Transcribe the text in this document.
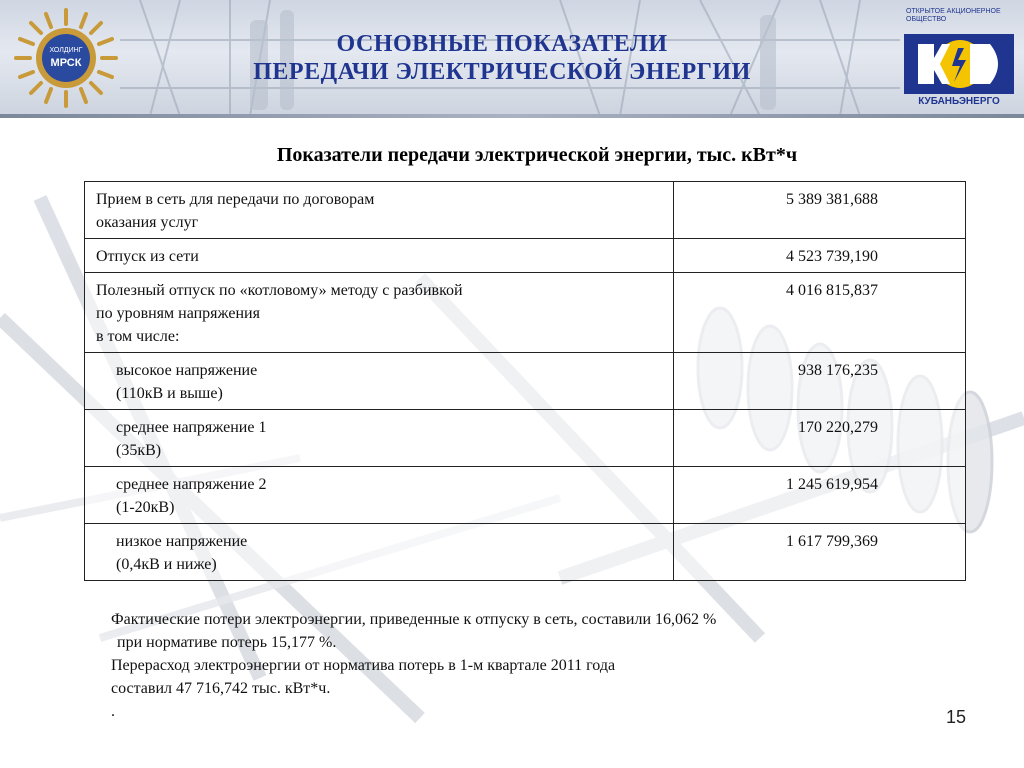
ХОЛДИНГ
МРСК
ОСНОВНЫЕ ПОКАЗАТЕЛИ
ПЕРЕДАЧИ ЭЛЕКТРИЧЕСКОЙ ЭНЕРГИИ
ОТКРЫТОЕ АКЦИОНЕРНОЕ ОБЩЕСТВО
КУБАНЬЭНЕРГО
Показатели передачи электрической энергии, тыс. кВт*ч
Прием в сеть для передачи по договорам
оказания услуг	5 389 381,688

Отпуск из сети	4 523 739,190

Полезный отпуск по «котловому» методу с разбивкой
по уровням напряжения
в том числе:	4 016 815,837

высокое напряжение
(110кВ и выше)	938 176,235

среднее напряжение 1
(35кВ)	170 220,279

среднее напряжение 2
(1-20кВ)	1 245 619,954

низкое напряжение
(0,4кВ и ниже)	1 617 799,369
Фактические потери электроэнергии, приведенные к отпуску в сеть, составили 16,062 %
при нормативе потерь 15,177 %.
Перерасход электроэнергии от норматива потерь в 1-м квартале 2011 года
составил 47 716,742 тыс. кВт*ч.
.	15
